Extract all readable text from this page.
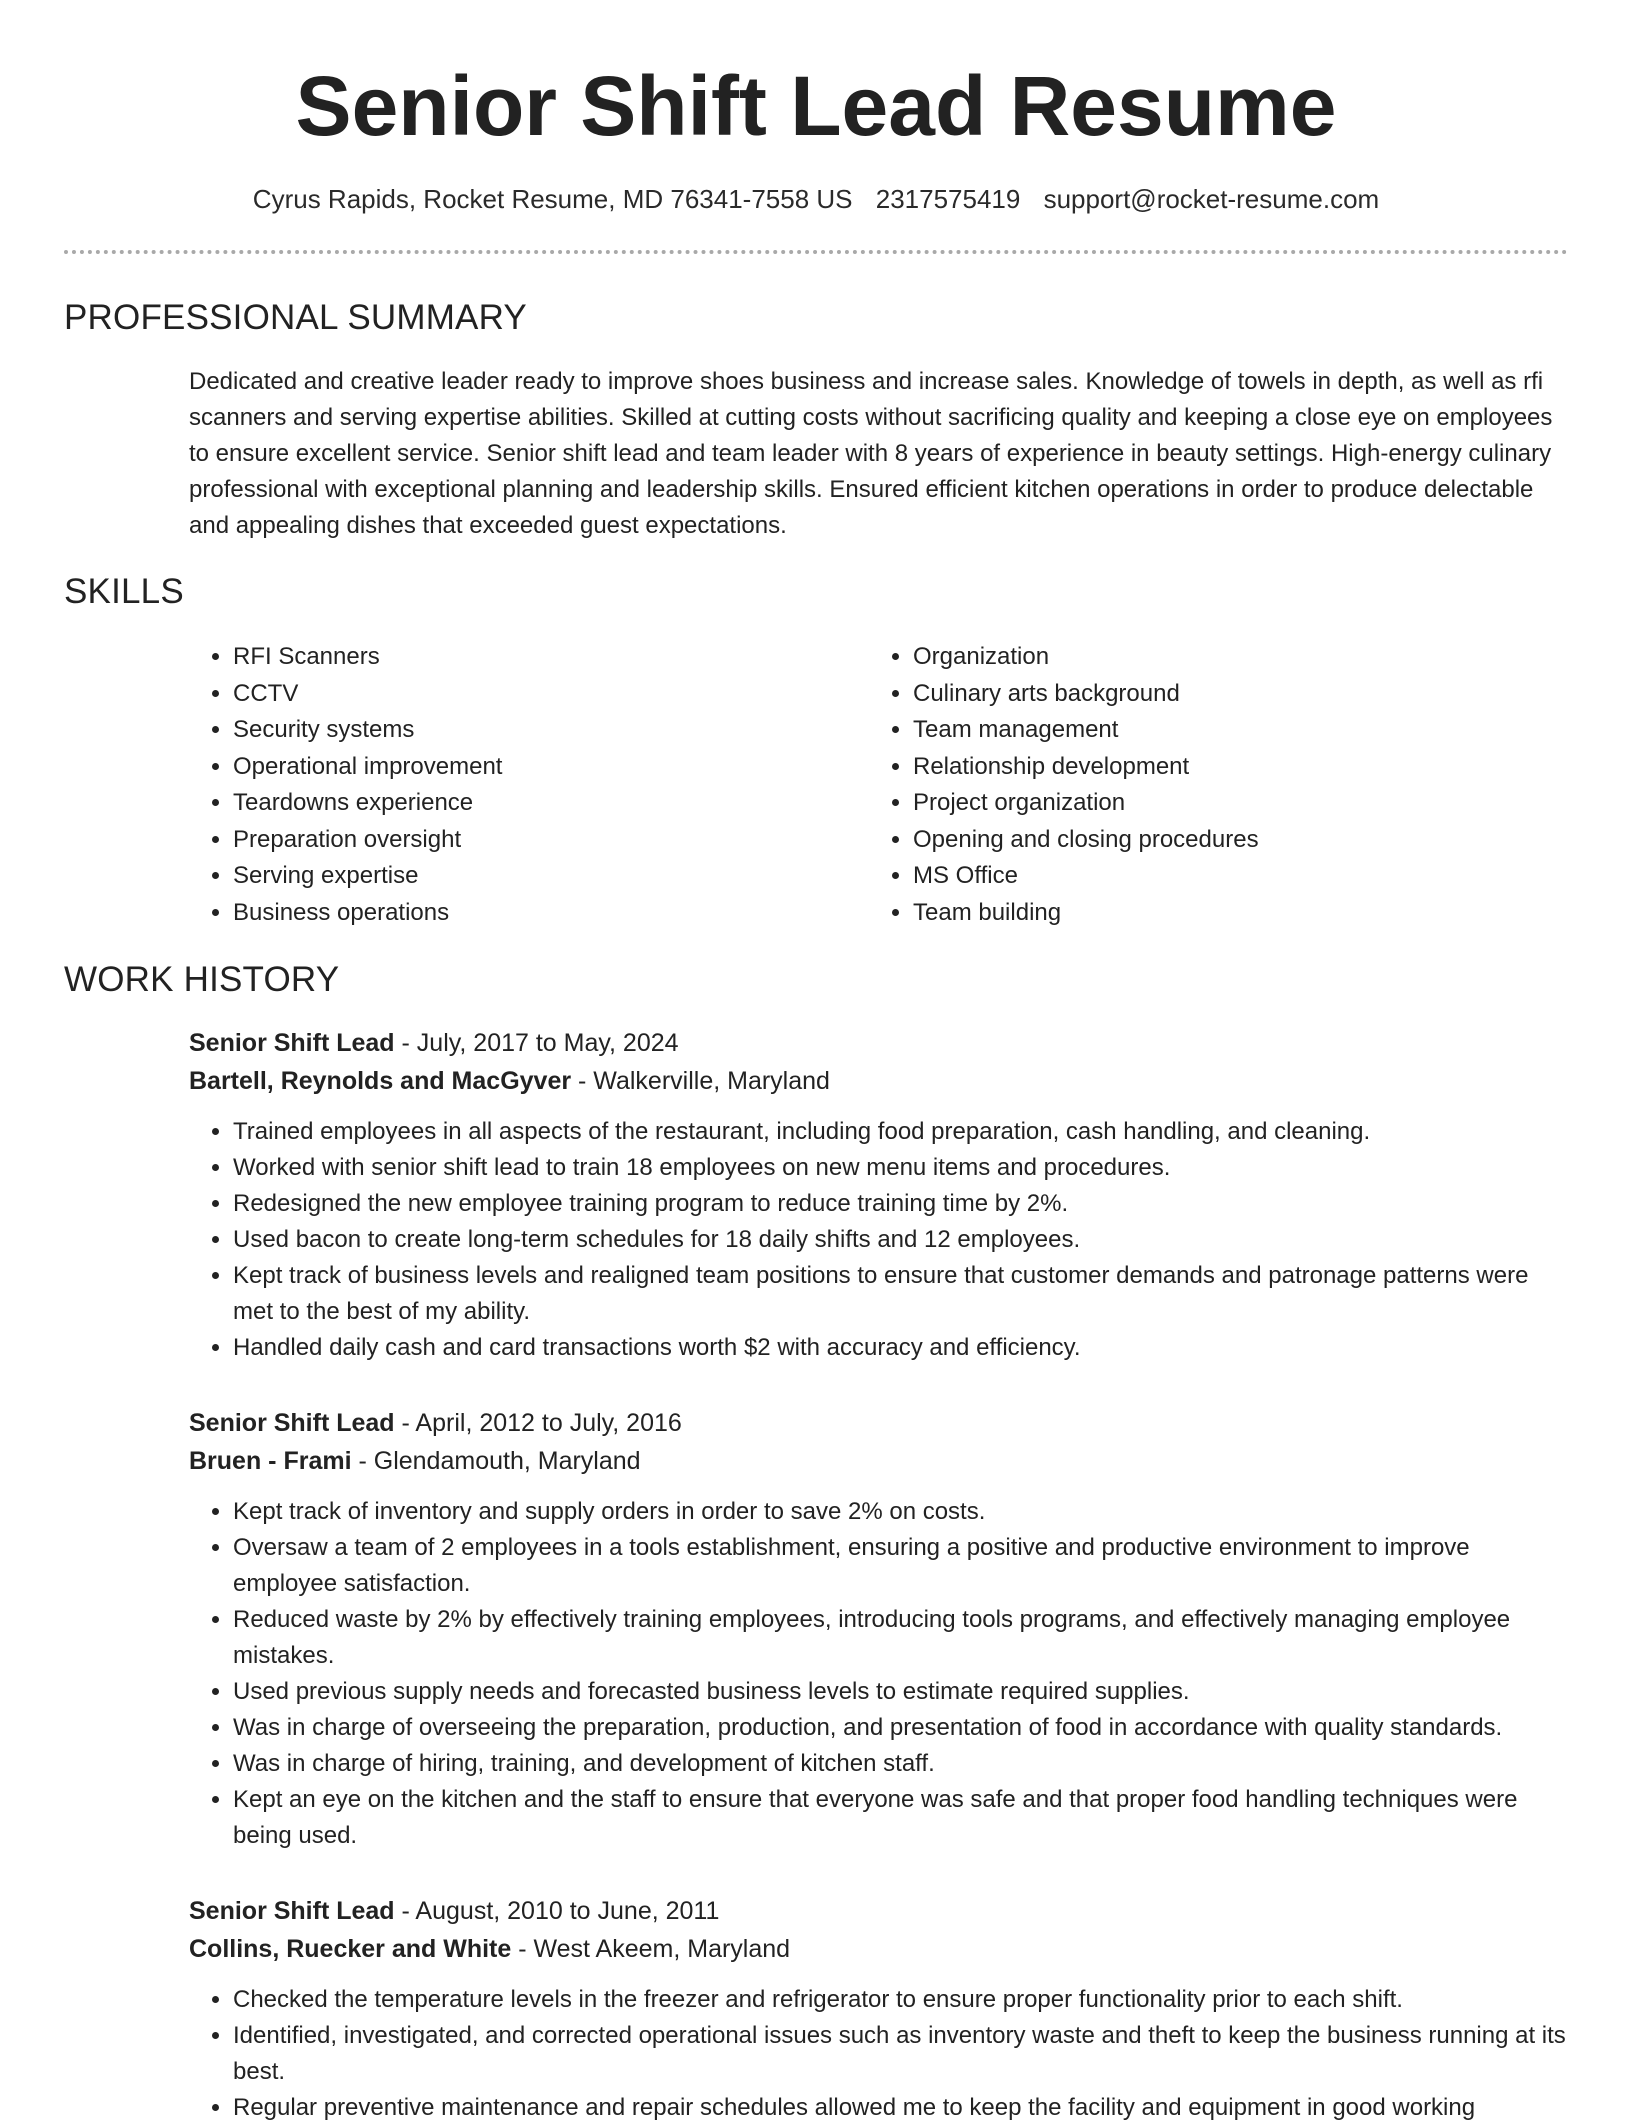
Senior Shift Lead Resume
Cyrus Rapids, Rocket Resume, MD 76341-7558 US 2317575419 support@rocket-resume.com
PROFESSIONAL SUMMARY

Dedicated and creative leader ready to improve shoes business and increase sales. Knowledge of towels in depth, as well as rfi scanners and serving expertise abilities. Skilled at cutting costs without sacrificing quality and keeping a close eye on employees to ensure excellent service. Senior shift lead and team leader with 8 years of experience in beauty settings. High-energy culinary professional with exceptional planning and leadership skills. Ensured efficient kitchen operations in order to produce delectable and appealing dishes that exceeded guest expectations.

SKILLS
• RFI Scanners
• CCTV
• Security systems
• Operational improvement
• Teardowns experience
• Preparation oversight
• Serving expertise
• Business operations
• Organization
• Culinary arts background
• Team management
• Relationship development
• Project organization
• Opening and closing procedures
• MS Office
• Team building
WORK HISTORY

Senior Shift Lead - July, 2017 to May, 2024

Bartell, Reynolds and MacGyver - Walkerville, Maryland

• Trained employees in all aspects of the restaurant, including food preparation, cash handling, and cleaning.
• Worked with senior shift lead to train 18 employees on new menu items and procedures.
• Redesigned the new employee training program to reduce training time by 2%.
• Used bacon to create long-term schedules for 18 daily shifts and 12 employees.
• Kept track of business levels and realigned team positions to ensure that customer demands and patronage patterns were met to the best of my ability.
• Handled daily cash and card transactions worth $2 with accuracy and efficiency.

Senior Shift Lead - April, 2012 to July, 2016

Bruen - Frami - Glendamouth, Maryland

• Kept track of inventory and supply orders in order to save 2% on costs.
• Oversaw a team of 2 employees in a tools establishment, ensuring a positive and productive environment to improve employee satisfaction.
• Reduced waste by 2% by effectively training employees, introducing tools programs, and effectively managing employee mistakes.
• Used previous supply needs and forecasted business levels to estimate required supplies.
• Was in charge of overseeing the preparation, production, and presentation of food in accordance with quality standards.
• Was in charge of hiring, training, and development of kitchen staff.
• Kept an eye on the kitchen and the staff to ensure that everyone was safe and that proper food handling techniques were being used.

Senior Shift Lead - August, 2010 to June, 2011

Collins, Ruecker and White - West Akeem, Maryland

• Checked the temperature levels in the freezer and refrigerator to ensure proper functionality prior to each shift.
• Identified, investigated, and corrected operational issues such as inventory waste and theft to keep the business running at its best.
• Regular preventive maintenance and repair schedules allowed me to keep the facility and equipment in good working
